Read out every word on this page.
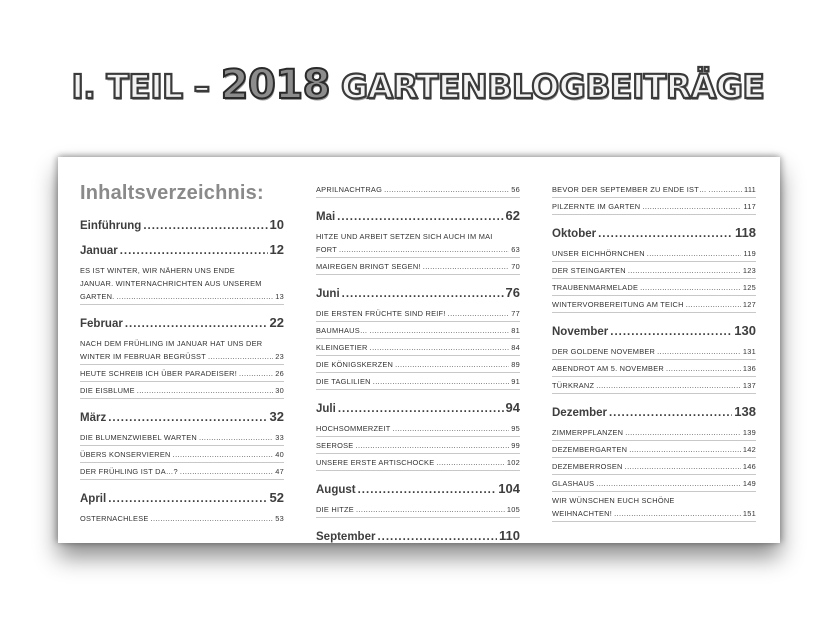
I. TEIL – 2018 GARTENBLOGBEITRÄGE
Inhaltsverzeichnis:
Einführung .....	10
Januar .....	12
ES IST WINTER, WIR NÄHERN UNS ENDE
JANUAR. WINTERNACHRICHTEN AUS UNSEREM
GARTEN. .....	13
Februar .....	22
NACH DEM FRÜHLING IM JANUAR HAT UNS DER
WINTER IM FEBRUAR BEGRÜSST .....	23
HEUTE SCHREIB ICH ÜBER PARADEISER! .....	26
DIE EISBLUME .....	30
März .....	32
DIE BLUMENZWIEBEL WARTEN .....	33
ÜBERS KONSERVIEREN .....	40
DER FRÜHLING IST DA…? .....	47
April .....	52
OSTERNACHLESE .....	53
APRILNACHTRAG .....	56
Mai .....	62
HITZE UND ARBEIT SETZEN SICH AUCH IM MAI
FORT .....	63
MAIREGEN BRINGT SEGEN! .....	70
Juni .....	76
DIE ERSTEN FRÜCHTE SIND REIF! .....	77
BAUMHAUS… .....	81
KLEINGETIER .....	84
DIE KÖNIGSKERZEN .....	89
DIE TAGLILIEN .....	91
Juli .....	94
HOCHSOMMERZEIT .....	95
SEEROSE .....	99
UNSERE ERSTE ARTISCHOCKE .....	102
August .....	104
DIE HITZE .....	105
September .....	110
BEVOR DER SEPTEMBER ZU ENDE IST… .....	111
PILZERNTE IM GARTEN .....	117
Oktober .....	118
UNSER EICHHÖRNCHEN .....	119
DER STEINGARTEN .....	123
TRAUBENMARMELADE .....	125
WINTERVORBEREITUNG AM TEICH .....	127
November .....	130
DER GOLDENE NOVEMBER .....	131
ABENDROT AM 5. NOVEMBER .....	136
TÜRKRANZ .....	137
Dezember .....	138
ZIMMERPFLANZEN .....	139
DEZEMBERGARTEN .....	142
DEZEMBERROSEN .....	146
GLASHAUS .....	149
WIR WÜNSCHEN EUCH SCHÖNE
WEIHNACHTEN! .....	151
